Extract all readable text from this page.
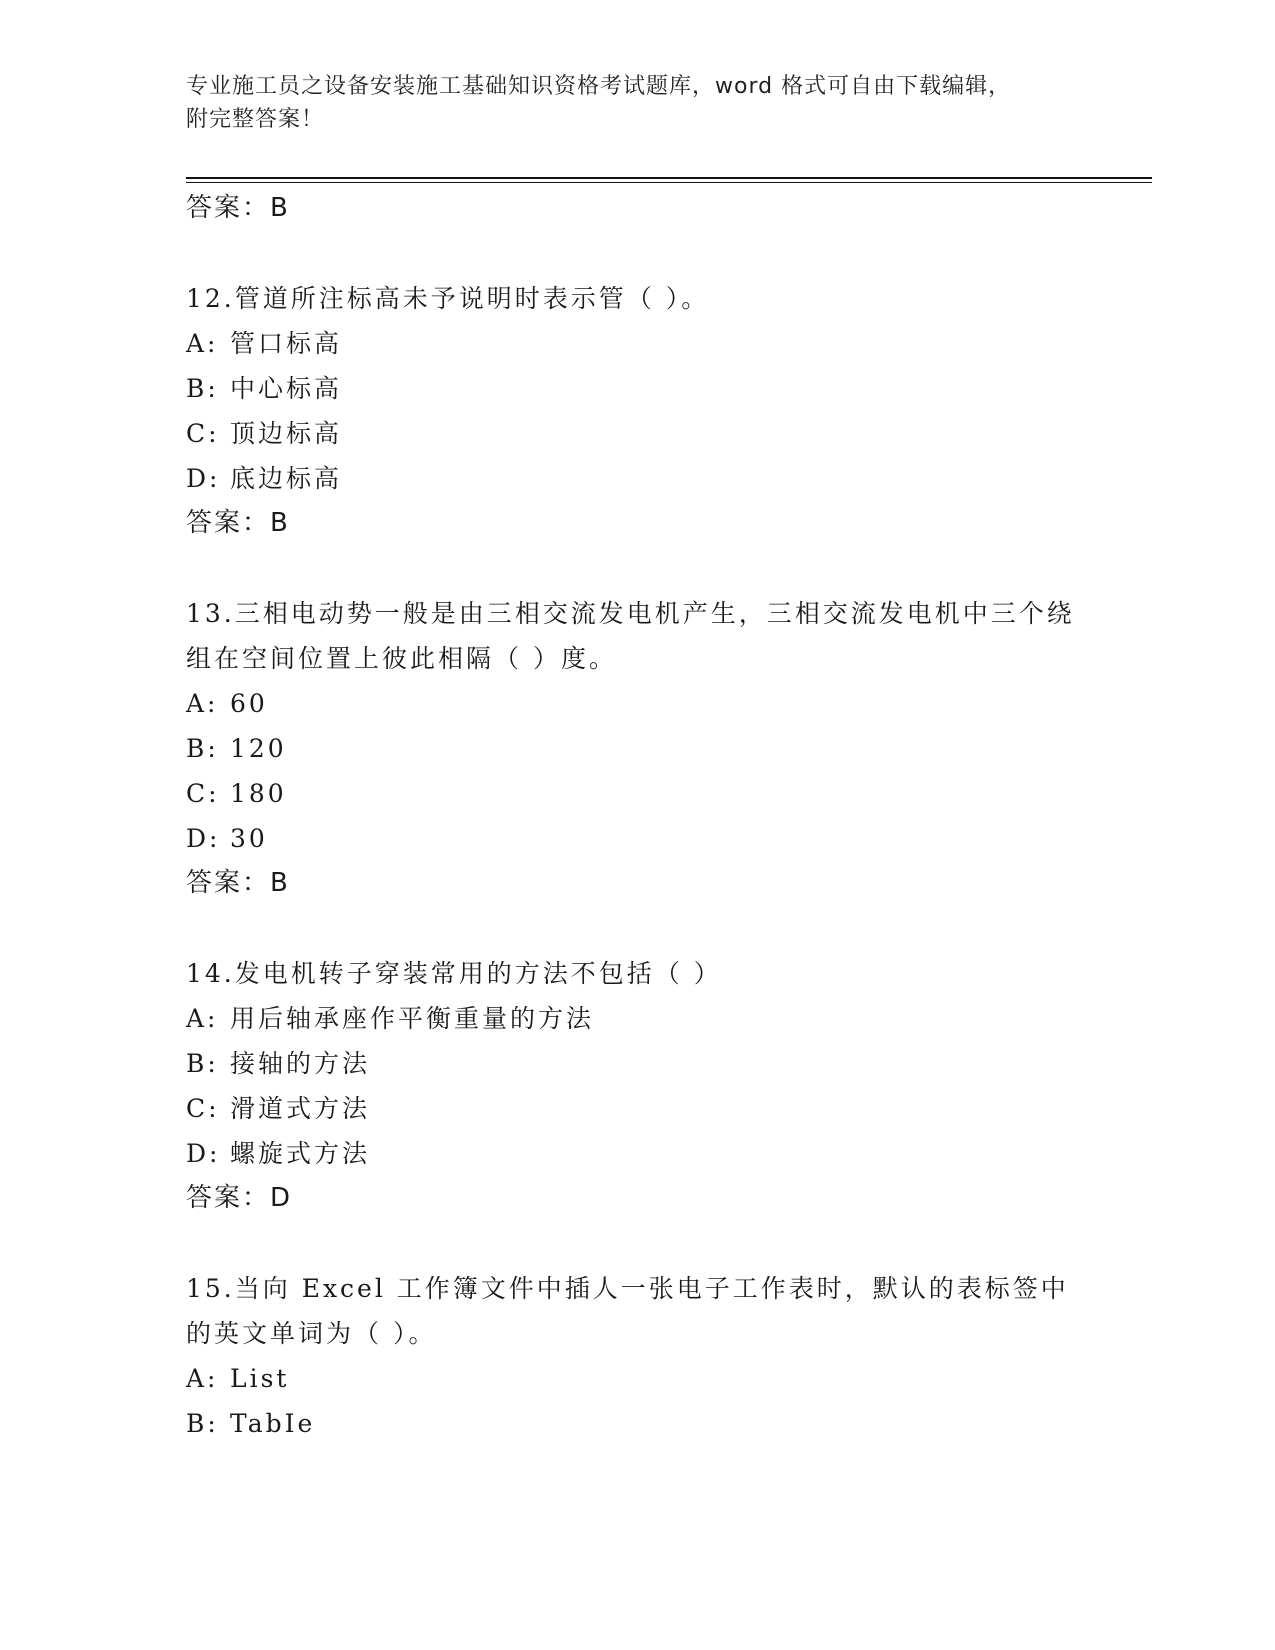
专业施工员之设备安装施工基础知识资格考试题库，word 格式可自由下载编辑，
附完整答案！
答案：B
12.管道所注标高未予说明时表示管（ ）。
A: 管口标高
B: 中心标高
C: 顶边标高
D: 底边标高
答案：B
13.三相电动势一般是由三相交流发电机产生，三相交流发电机中三个绕组在空间位置上彼此相隔（ ）度。
A: 60
B: 120
C: 180
D: 30
答案：B
14.发电机转子穿装常用的方法不包括（ ）
A: 用后轴承座作平衡重量的方法
B: 接轴的方法
C: 滑道式方法
D: 螺旋式方法
答案：D
15.当向 Excel 工作簿文件中插人一张电子工作表时，默认的表标签中的英文单词为（ ）。
A: List
B: TabIe
